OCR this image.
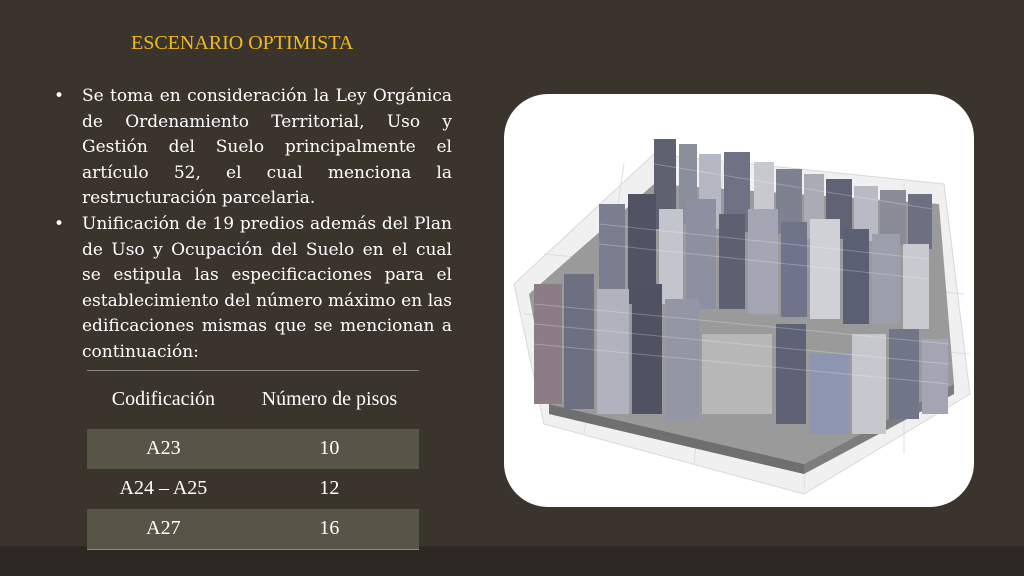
ESCENARIO OPTIMISTA
• Se toma en consideración la Ley Orgánica de Ordenamiento Territorial, Uso y Gestión del Suelo principalmente el artículo 52, el cual menciona la restructuración parcelaria.
• Unificación de 19 predios además del Plan de Uso y Ocupación del Suelo en el cual se estipula las especificaciones para el establecimiento del número máximo en las edificaciones mismas que se mencionan a continuación:
Codificación	Número de pisos
A23	10
A24 – A25	12
A27	16
